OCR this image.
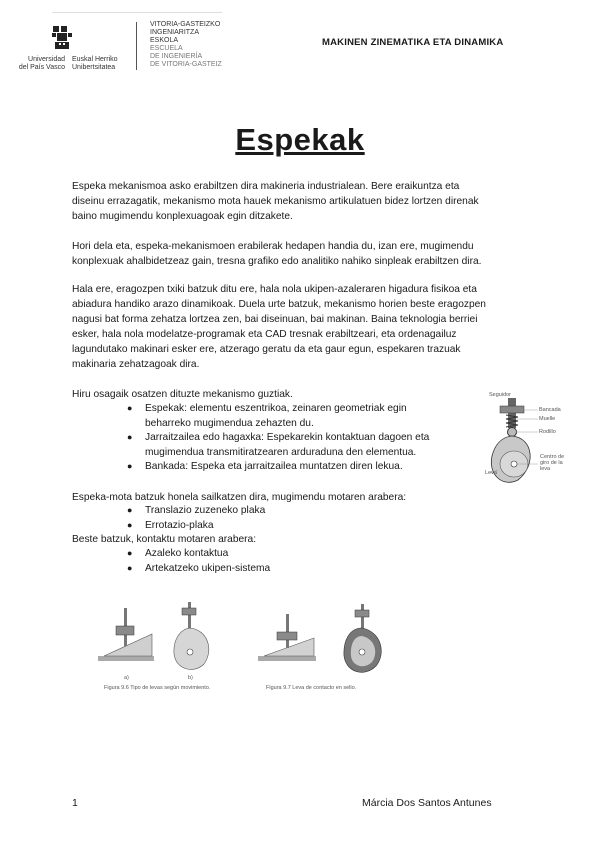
Universidad
del País Vasco
Euskal Herriko
Unibertsitatea
VITORIA-GASTEIZKO
INGENIARITZA
ESKOLA
ESCUELA
DE INGENIERÍA
DE VITORIA-GASTEIZ
MAKINEN ZINEMATIKA ETA DINAMIKA
Espekak
Espeka mekanismoa asko erabiltzen dira makineria industrialean. Bere eraikuntza eta
diseinu errazagatik, mekanismo mota hauek mekanismo artikulatuen bidez lortzen direnak
baino mugimendu konplexuagoak egin ditzakete.
Hori dela eta, espeka-mekanismoen erabilerak hedapen handia du, izan ere, mugimendu
konplexuak ahalbidetzeaz gain, tresna grafiko edo analitiko nahiko sinpleak erabiltzen dira.
Hala ere, eragozpen txiki batzuk ditu ere, hala nola ukipen-azaleraren higadura fisikoa eta
abiadura handiko arazo dinamikoak. Duela urte batzuk, mekanismo horien beste eragozpen
nagusi bat forma zehatza lortzea zen, bai diseinuan, bai makinan. Baina teknologia berriei
esker, hala nola modelatze-programak eta CAD tresnak erabiltzeari, eta ordenagailuz
lagundutako makinari esker ere, atzerago geratu da eta gaur egun, espekaren trazuak
makinaria zehatzagoak dira.
Hiru osagaik osatzen dituzte mekanismo guztiak.
● Espekak: elementu eszentrikoa, zeinaren geometriak egin
beharreko mugimendua zehazten du.
● Jarraitzailea edo hagaxka: Espekarekin kontaktuan dagoen eta
mugimendua transmitiratzearen arduraduna den elementua.
● Bankada: Espeka eta jarraitzailea muntatzen diren lekua.
Seguidor
Bancada
Muelle
Rodillo
Centro de
giro de la
leva
Leva
Espeka-mota batzuk honela sailkatzen dira, mugimendu motaren arabera:
● Translazio zuzeneko plaka
● Errotazio-plaka
Beste batzuk, kontaktu motaren arabera:
● Azaleko kontaktua
● Artekatzeko ukipen-sistema
a)	b)
Figura 9.6 Tipo de levas según movimiento.	Figura 9.7 Leva de contacto en sello.
1	Márcia Dos Santos Antunes
